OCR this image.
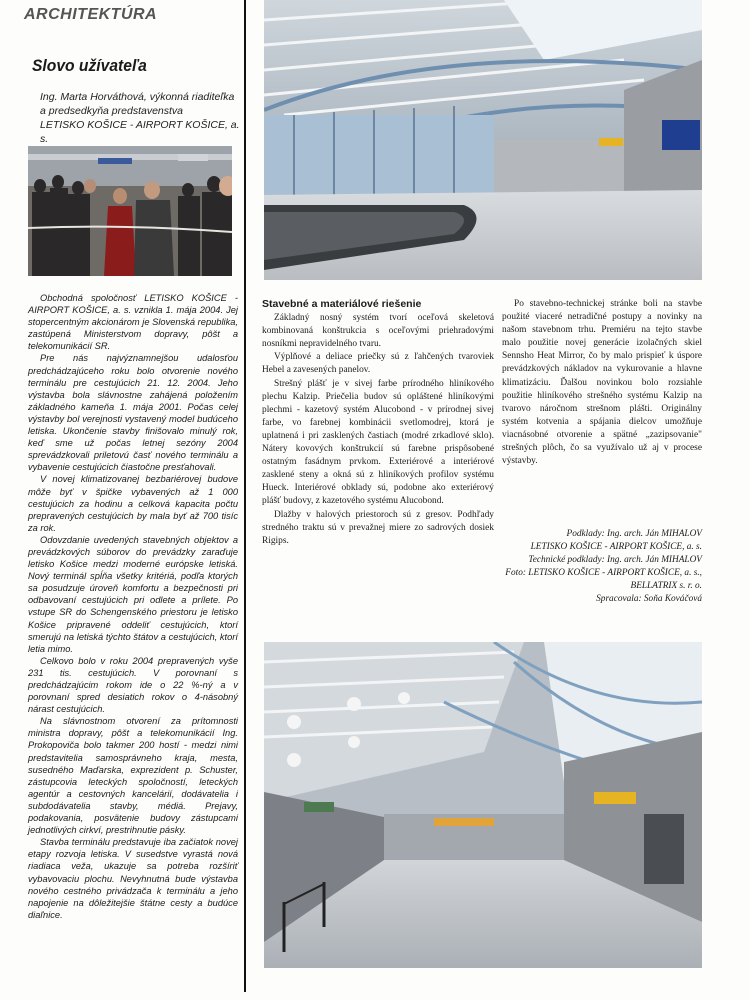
ARCHITEKTÚRA
Slovo užívateľa
Ing. Marta Horváthová, výkonná riaditeľka
a predsedkyňa predstavenstva
LETISKO KOŠICE - AIRPORT KOŠICE, a. s.

Obchodná spoločnosť LETISKO KOŠICE - AIRPORT KOŠICE, a. s. vznikla 1. mája 2004. Jej stopercentným akcionárom je Slovenská republika, zastúpená Ministerstvom dopravy, pôšt a telekomunikácií SR.

Pre nás najvýznamnejšou udalosťou predchádzajúceho roku bolo otvorenie nového terminálu pre cestujúcich 21. 12. 2004. Jeho výstavba bola slávnostne zahájená položením základného kameňa 1. mája 2001. Počas celej výstavby bol verejnosti vystavený model budúceho letiska. Ukončenie stavby finišovalo minulý rok, keď sme už počas letnej sezóny 2004 sprevádzkovali priletovú časť nového terminálu a vybavenie cestujúcich čiastočne presťahovali.

V novej klimatizovanej bezbariérovej budove môže byť v špičke vybavených až 1 000 cestujúcich za hodinu a celková kapacita počtu prepravených cestujúcich by mala byť až 700 tisíc za rok.

Odovzdanie uvedených stavebných objektov a prevádzkových súborov do prevádzky zaraďuje letisko Košice medzi moderné európske letiská. Nový terminál spĺňa všetky kritériá, podľa ktorých sa posudzuje úroveň komfortu a bezpečnosti pri odbavovaní cestujúcich pri odlete a prílete. Po vstupe SR do Schengenského priestoru je letisko Košice pripravené oddeliť cestujúcich, ktorí smerujú na letiská týchto štátov a cestujúcich, ktorí letia mimo.

Celkovo bolo v roku 2004 prepravených vyše 231 tis. cestujúcich. V porovnaní s predchádzajúcim rokom ide o 22 %-ný a v porovnaní spred desiatich rokov o 4-násobný nárast cestujúcich.

Na slávnostnom otvorení za prítomnosti ministra dopravy, pôšt a telekomunikácií Ing. Prokopoviča bolo takmer 200 hostí - medzi nimi predstavitelia samosprávneho kraja, mesta, susedného Maďarska, exprezident p. Schuster, zástupcovia leteckých spoločností, leteckých agentúr a cestovných kancelárií, dodávatelia i subdodávatelia stavby, médiá. Prejavy, podakovania, posvätenie budovy zástupcami jednotlivých cirkví, prestrihnutie pásky.

Stavba terminálu predstavuje iba začiatok novej etapy rozvoja letiska. V susedstve vyrastá nová riadiaca veža, ukazuje sa potreba rozšíriť vybavovaciu plochu. Nevyhnutná bude výstavba nového cestného privádzača k terminálu a jeho napojenie na dôležitejšie štátne cesty a budúce diaľnice.

Stavebné a materiálové riešenie

Základný nosný systém tvorí oceľová skeletová kombinovaná konštrukcia s oceľovými priehradovými nosníkmi nepravidelného tvaru.

Výplňové a deliace priečky sú z ľahčených tvaroviek Hebel a zavesených panelov.

Strešný plášť je v sivej farbe prírodného hliníkového plechu Kalzip. Priečelia budov sú opláštené hliníkovými plechmi - kazetový systém Alucobond - v prírodnej sivej farbe, vo farebnej kombinácii svetlomodrej, ktorá je uplatnená i pri zasklených častiach (modré zrkadlové sklo). Nátery kovových konštrukcií sú farebne prispôsobené ostatným fasádnym prvkom. Exteriérové a interiérové zasklené steny a okná sú z hliníkových profilov systému Hueck. Interiérové obklady sú, podobne ako exteriérový plášť budovy, z kazetového systému Alucobond.

Dlažby v halových priestoroch sú z gresov. Podhľady stredného traktu sú v prevažnej miere zo sadrových dosiek Rigips.

Po stavebno-technickej stránke boli na stavbe použité viaceré netradičné postupy a novinky na našom stavebnom trhu. Premiéru na tejto stavbe malo použitie novej generácie izolačných skiel Sennsho Heat Mirror, čo by malo prispieť k úspore prevádzkových nákladov na vykurovanie a hlavne klimatizáciu. Ďalšou novinkou bolo rozsiahle použitie hliníkového strešného systému Kalzip na tvarovo náročnom strešnom plášti. Originálny systém kotvenia a spájania dielcov umožňuje viacnásobné otvorenie a spätné „zazipsovanie" strešných plôch, čo sa využívalo už aj v procese výstavby.

Podklady: Ing. arch. Ján MIHALOV
LETISKO KOŠICE - AIRPORT KOŠICE, a. s.
Technické podklady: Ing. arch. Ján MIHALOV
Foto: LETISKO KOŠICE - AIRPORT KOŠICE, a. s.,
BELLATRIX s. r. o.
Spracovala: Soňa Kováčová
